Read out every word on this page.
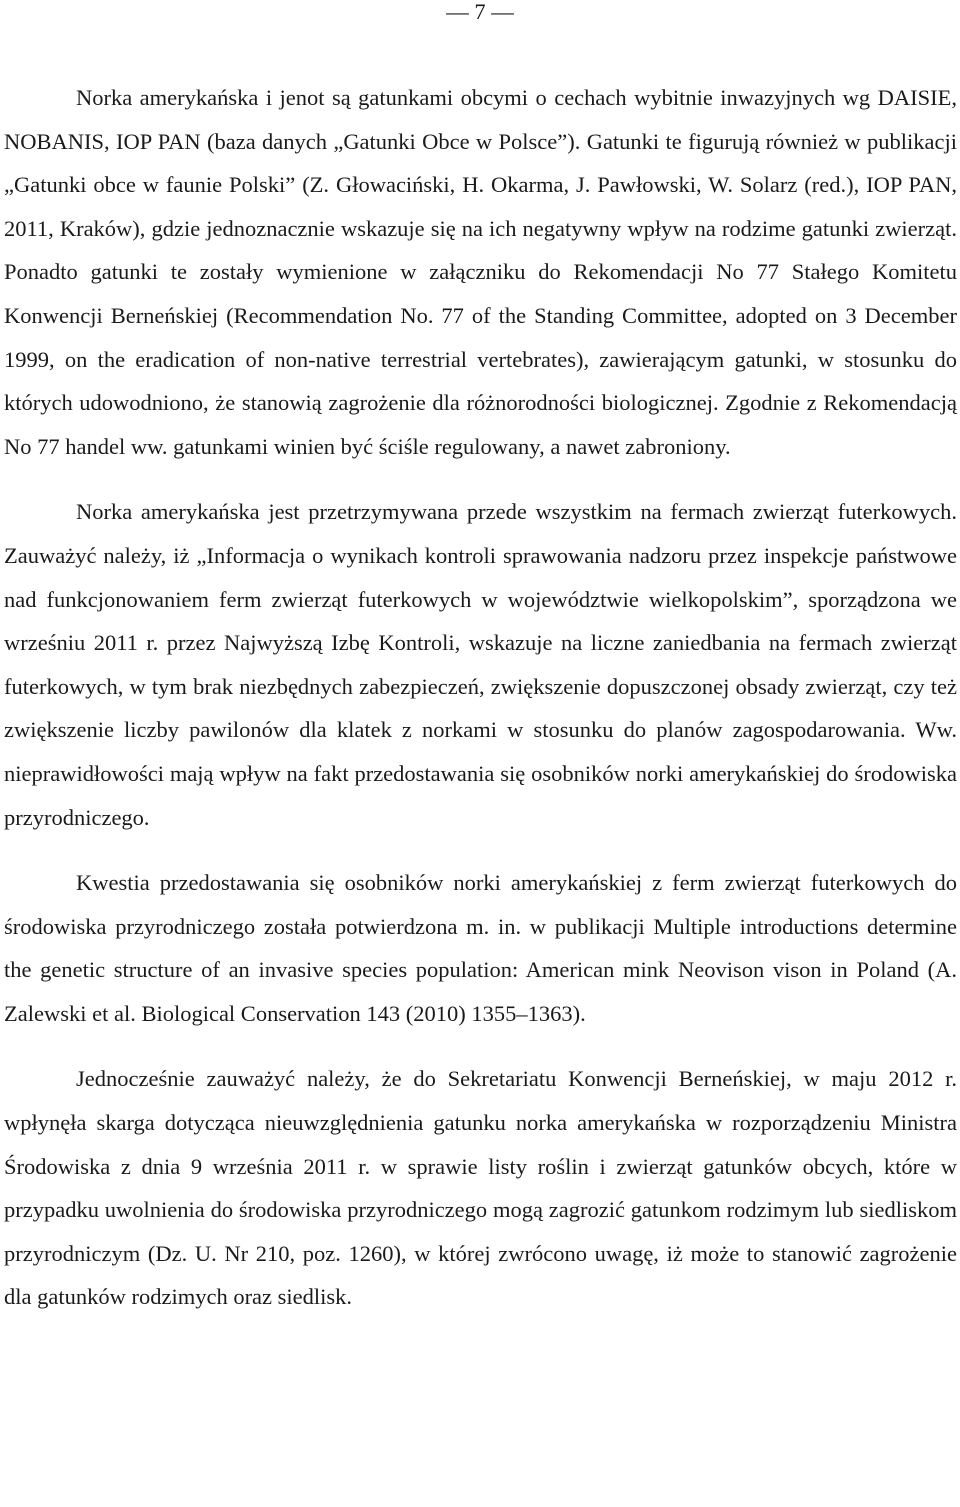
— 7 —

Norka amerykańska i jenot są gatunkami obcymi o cechach wybitnie inwazyjnych wg DAISIE, NOBANIS, IOP PAN (baza danych „Gatunki Obce w Polsce”). Gatunki te figurują również w publikacji „Gatunki obce w faunie Polski” (Z. Głowaciński, H. Okarma, J. Pawłowski, W. Solarz (red.), IOP PAN, 2011, Kraków), gdzie jednoznacznie wskazuje się na ich negatywny wpływ na rodzime gatunki zwierząt. Ponadto gatunki te zostały wymienione w załączniku do Rekomendacji No 77 Stałego Komitetu Konwencji Berneńskiej (Recommendation No. 77 of the Standing Committee, adopted on 3 December 1999, on the eradication of non-native terrestrial vertebrates), zawierającym gatunki, w stosunku do których udowodniono, że stanowią zagrożenie dla różnorodności biologicznej. Zgodnie z Rekomendacją No 77 handel ww. gatunkami winien być ściśle regulowany, a nawet zabroniony.

Norka amerykańska jest przetrzymywana przede wszystkim na fermach zwierząt futerkowych. Zauważyć należy, iż „Informacja o wynikach kontroli sprawowania nadzoru przez inspekcje państwowe nad funkcjonowaniem ferm zwierząt futerkowych w województwie wielkopolskim”, sporządzona we wrześniu 2011 r. przez Najwyższą Izbę Kontroli, wskazuje na liczne zaniedbania na fermach zwierząt futerkowych, w tym brak niezbędnych zabezpieczeń, zwiększenie dopuszczonej obsady zwierząt, czy też zwiększenie liczby pawilonów dla klatek z norkami w stosunku do planów zagospodarowania. Ww. nieprawidłowości mają wpływ na fakt przedostawania się osobników norki amerykańskiej do środowiska przyrodniczego.

Kwestia przedostawania się osobników norki amerykańskiej z ferm zwierząt futerkowych do środowiska przyrodniczego została potwierdzona m. in. w publikacji Multiple introductions determine the genetic structure of an invasive species population: American mink Neovison vison in Poland (A. Zalewski et al. Biological Conservation 143 (2010) 1355–1363).

Jednocześnie zauważyć należy, że do Sekretariatu Konwencji Berneńskiej, w maju 2012 r. wpłynęła skarga dotycząca nieuwzględnienia gatunku norka amerykańska w rozporządzeniu Ministra Środowiska z dnia 9 września 2011 r. w sprawie listy roślin i zwierząt gatunków obcych, które w przypadku uwolnienia do środowiska przyrodniczego mogą zagrozić gatunkom rodzimym lub siedliskom przyrodniczym (Dz. U. Nr 210, poz. 1260), w której zwrócono uwagę, iż może to stanowić zagrożenie dla gatunków rodzimych oraz siedlisk.
